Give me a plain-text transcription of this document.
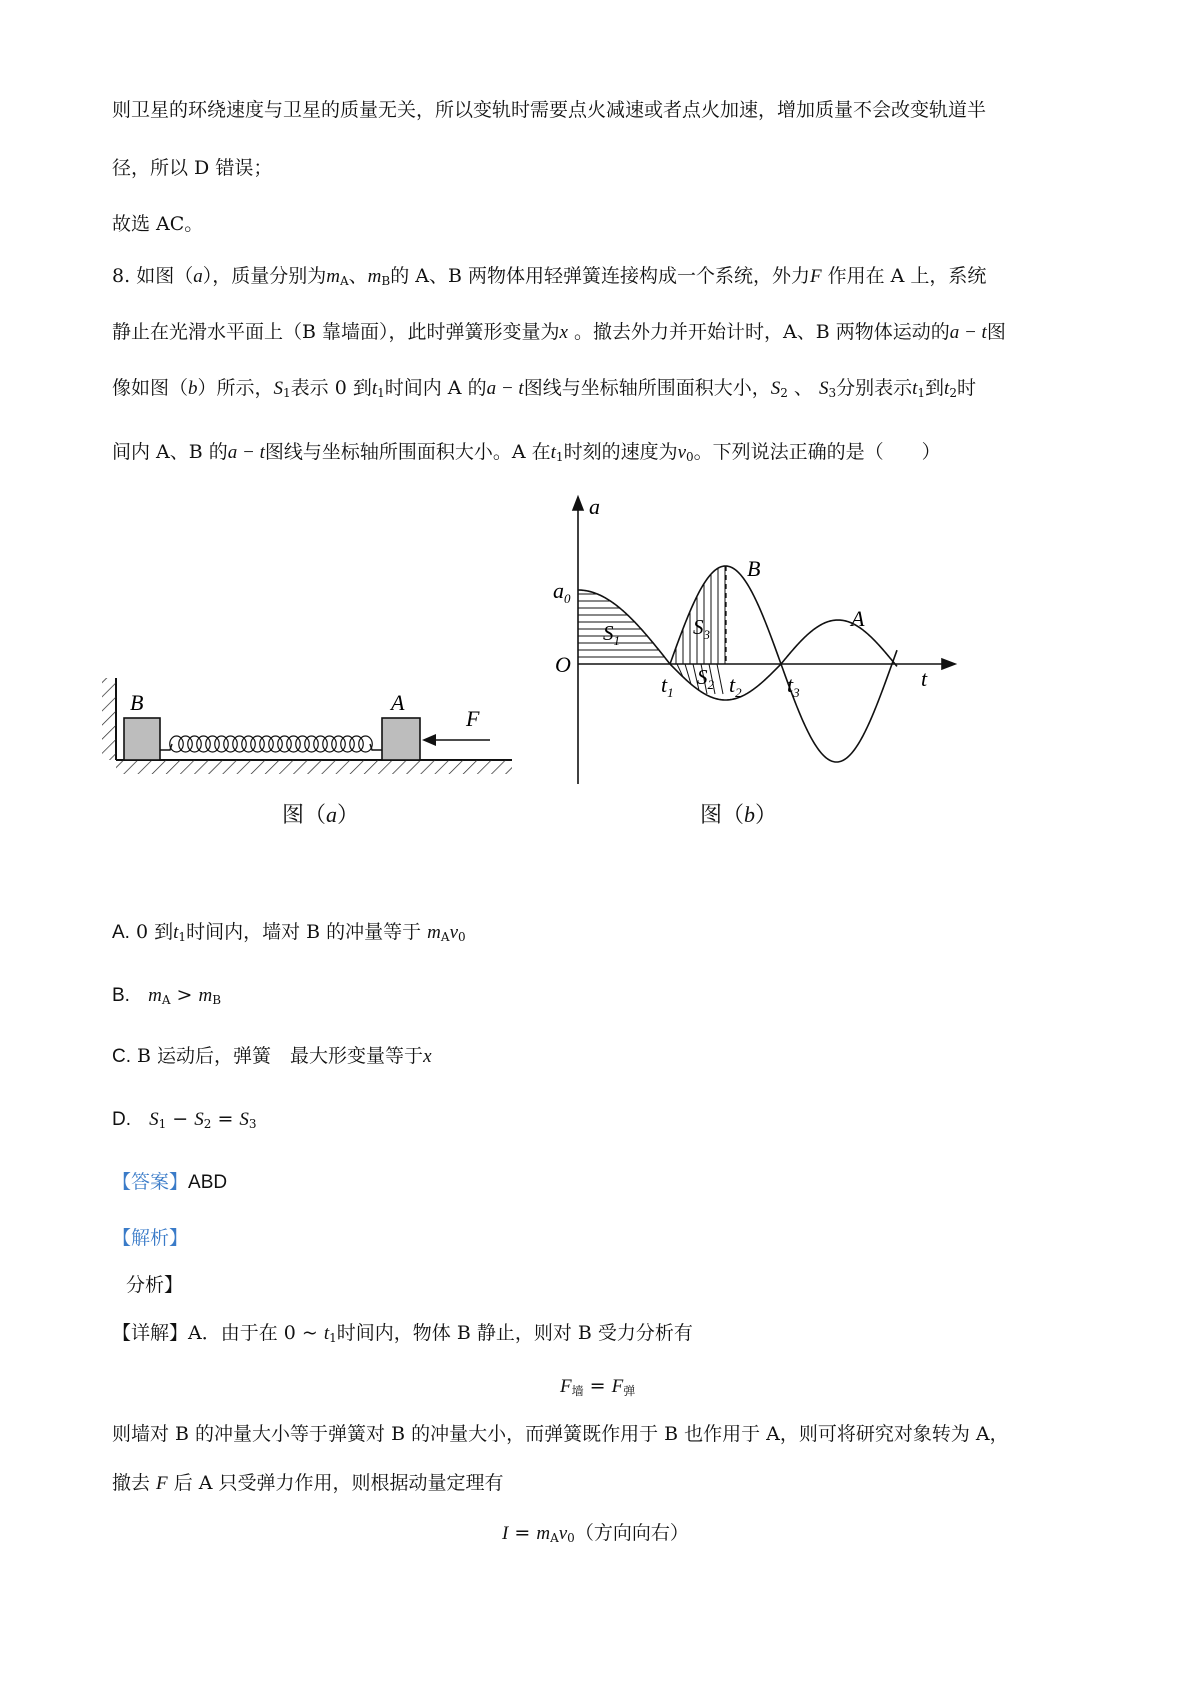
则卫星的环绕速度与卫星的质量无关，所以变轨时需要点火减速或者点火加速，增加质量不会改变轨道半
径，所以 D 错误；
故选 AC。
8. 如图（a），质量分别为$m_A$、$m_B$的 A、B 两物体用轻弹簧连接构成一个系统，外力F 作用在 A 上，系统
静止在光滑水平面上（B 靠墙面），此时弹簧形变量为x 。撤去外力并开始计时，A、B 两物体运动的a − t图
像如图（b）所示，$S_1$表示 0 到$t_1$时间内 A 的a − t图线与坐标轴所围面积大小，$S_2$ 、 $S_3$分别表示$t_1$到$t_2$时
间内 A、B 的a − t图线与坐标轴所围面积大小。A 在$t_1$时刻的速度为$v_0$。下列说法正确的是（　　）
B	A
F
图（a）
a
t
O
$a_0$
B
A
$S_1$
$S_3$
$S_2$
$t_1$	$t_2$ $t_3$
图（b）
A. 0 到$t_1$时间内，墙对 B 的冲量等于 $m_Av_0$
B. $m_A > m_B$
C. B 运动后，弹簧　最大形变量等于x
D. $S_1 - S_2 = S_3$
【答案】ABD
【解析】
分析】
【详解】A．由于在 0 ~ $t_1$时间内，物体 B 静止，则对 B 受力分析有
$F_墙 = F_弹$
则墙对 B 的冲量大小等于弹簧对 B 的冲量大小，而弹簧既作用于 B 也作用于 A，则可将研究对象转为 A，
撤去 F 后 A 只受弹力作用，则根据动量定理有
$I = m_Av_0$（方向向右）
